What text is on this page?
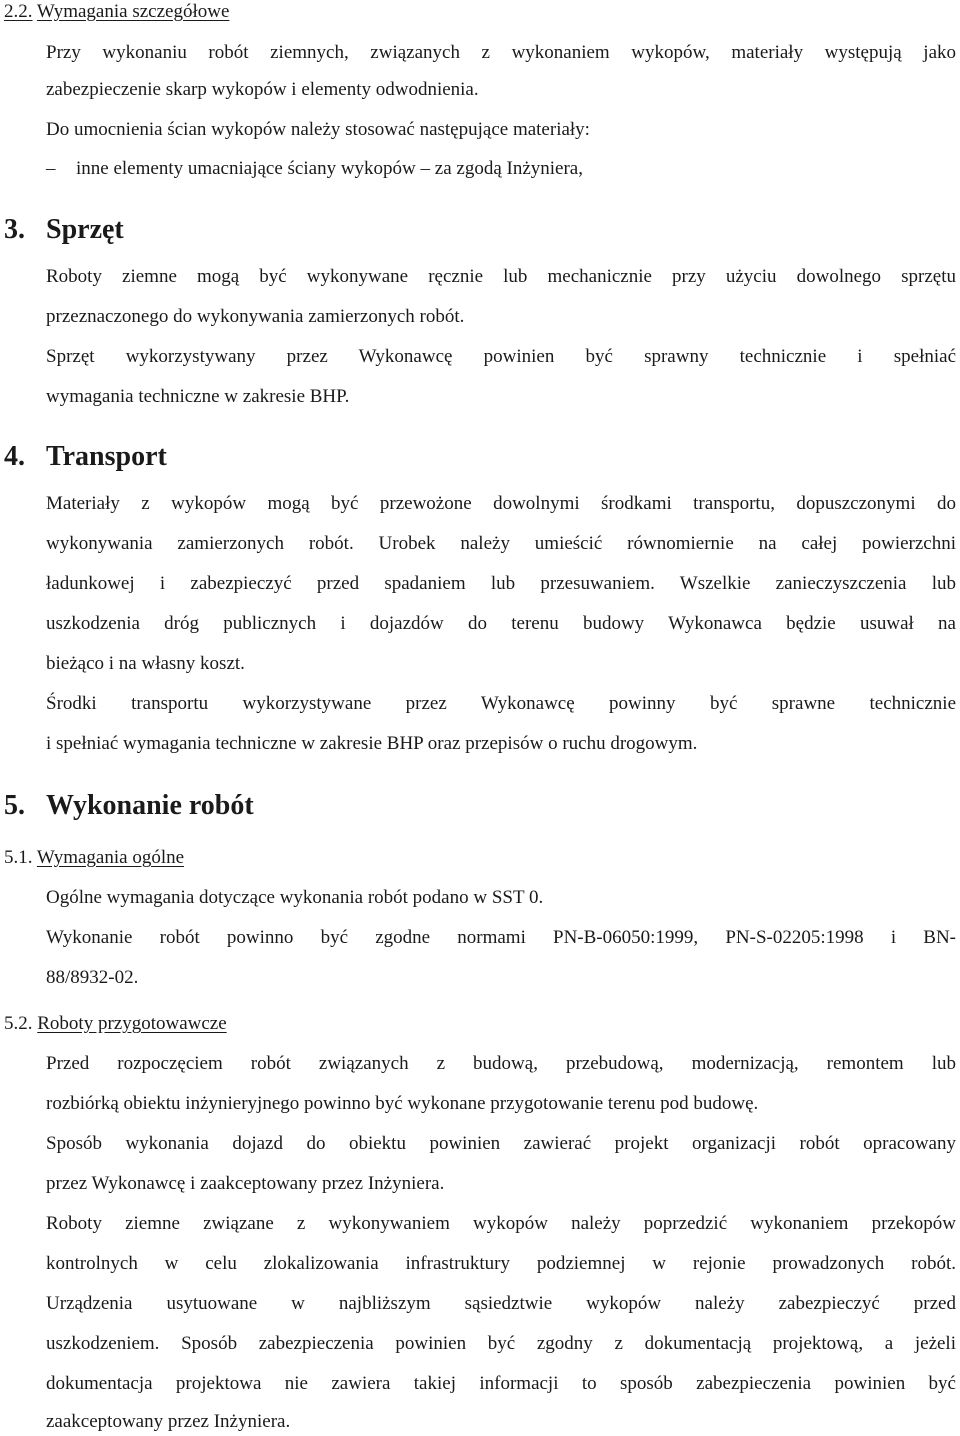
2.2. Wymagania szczegółowe
Przy wykonaniu robót ziemnych, związanych z wykonaniem wykopów, materiały występują jako
zabezpieczenie skarp wykopów i elementy odwodnienia.
Do umocnienia ścian wykopów należy stosować następujące materiały:
– inne elementy umacniające ściany wykopów – za zgodą Inżyniera,
3. Sprzęt
Roboty ziemne mogą być wykonywane ręcznie lub mechanicznie przy użyciu dowolnego sprzętu
przeznaczonego do wykonywania zamierzonych robót.
Sprzęt wykorzystywany przez Wykonawcę powinien być sprawny technicznie i spełniać
wymagania techniczne w zakresie BHP.
4. Transport
Materiały z wykopów mogą być przewożone dowolnymi środkami transportu, dopuszczonymi do
wykonywania zamierzonych robót. Urobek należy umieścić równomiernie na całej powierzchni
ładunkowej i zabezpieczyć przed spadaniem lub przesuwaniem. Wszelkie zanieczyszczenia lub
uszkodzenia dróg publicznych i dojazdów do terenu budowy Wykonawca będzie usuwał na
bieżąco i na własny koszt.
Środki transportu wykorzystywane przez Wykonawcę powinny być sprawne technicznie
i spełniać wymagania techniczne w zakresie BHP oraz przepisów o ruchu drogowym.
5. Wykonanie robót
5.1. Wymagania ogólne
Ogólne wymagania dotyczące wykonania robót podano w SST 0.
Wykonanie robót powinno być zgodne normami PN-B-06050:1999, PN-S-02205:1998 i BN-
88/8932-02.
5.2. Roboty przygotowawcze
Przed rozpoczęciem robót związanych z budową, przebudową, modernizacją, remontem lub
rozbiórką obiektu inżynieryjnego powinno być wykonane przygotowanie terenu pod budowę.
Sposób wykonania dojazd do obiektu powinien zawierać projekt organizacji robót opracowany
przez Wykonawcę i zaakceptowany przez Inżyniera.
Roboty ziemne związane z wykonywaniem wykopów należy poprzedzić wykonaniem przekopów
kontrolnych w celu zlokalizowania infrastruktury podziemnej w rejonie prowadzonych robót.
Urządzenia usytuowane w najbliższym sąsiedztwie wykopów należy zabezpieczyć przed
uszkodzeniem. Sposób zabezpieczenia powinien być zgodny z dokumentacją projektową, a jeżeli
dokumentacja projektowa nie zawiera takiej informacji to sposób zabezpieczenia powinien być
zaakceptowany przez Inżyniera.
